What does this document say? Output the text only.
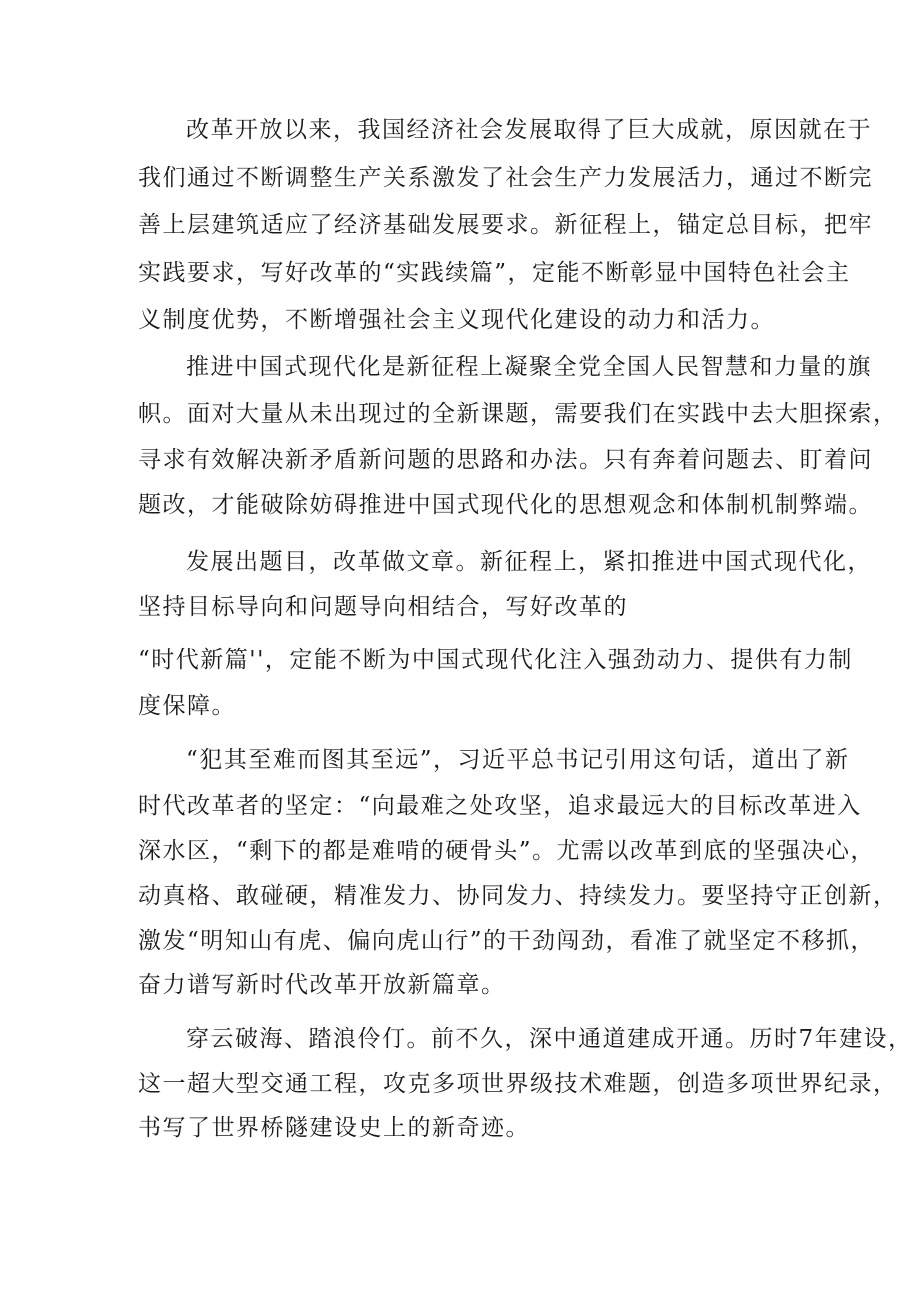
改革开放以来，我国经济社会发展取得了巨大成就，原因就在于
我们通过不断调整生产关系激发了社会生产力发展活力，通过不断完
善上层建筑适应了经济基础发展要求。新征程上，锚定总目标，把牢
实践要求，写好改革的“实践续篇”，定能不断彰显中国特色社会主
义制度优势，不断增强社会主义现代化建设的动力和活力。
推进中国式现代化是新征程上凝聚全党全国人民智慧和力量的旗
帜。面对大量从未出现过的全新课题，需要我们在实践中去大胆探索，
寻求有效解决新矛盾新问题的思路和办法。只有奔着问题去、盯着问
题改，才能破除妨碍推进中国式现代化的思想观念和体制机制弊端。
发展出题目，改革做文章。新征程上，紧扣推进中国式现代化，
坚持目标导向和问题导向相结合，写好改革的
“时代新篇''，定能不断为中国式现代化注入强劲动力、提供有力制
度保障。
“犯其至难而图其至远”，习近平总书记引用这句话，道出了新
时代改革者的坚定：“向最难之处攻坚，追求最远大的目标改革进入
深水区，“剩下的都是难啃的硬骨头”。尤需以改革到底的坚强决心，
动真格、敢碰硬，精准发力、协同发力、持续发力。要坚持守正创新，
激发“明知山有虎、偏向虎山行”的干劲闯劲，看准了就坚定不移抓，
奋力谱写新时代改革开放新篇章。
穿云破海、踏浪伶仃。前不久，深中通道建成开通。历时7年建设，
这一超大型交通工程，攻克多项世界级技术难题，创造多项世界纪录，
书写了世界桥隧建设史上的新奇迹。
